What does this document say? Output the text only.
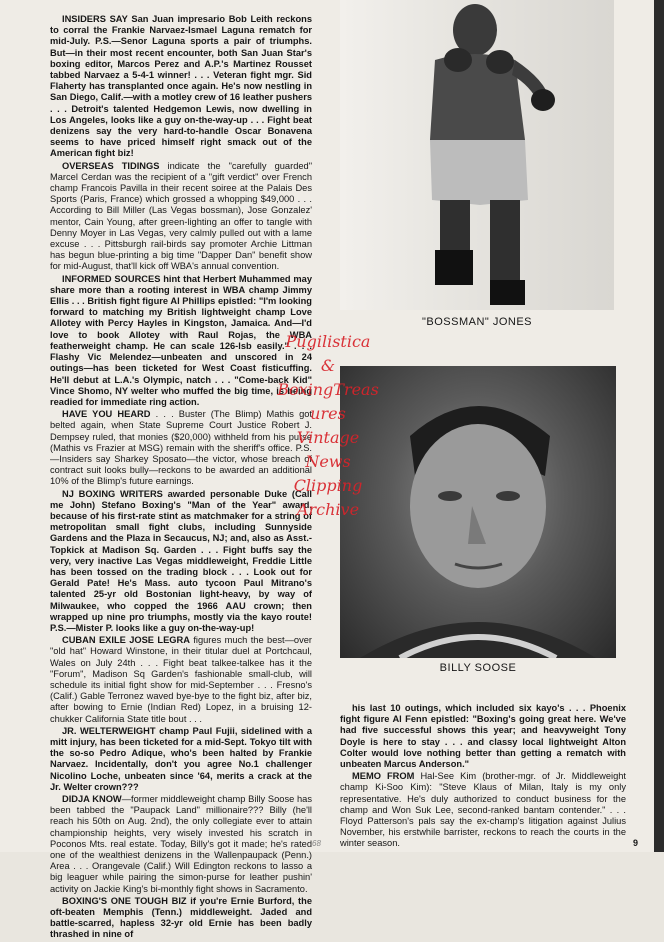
INSIDERS SAY San Juan impresario Bob Leith reckons to corral the Frankie Narvaez-Ismael Laguna rematch for mid-July. P.S.—Senor Laguna sports a pair of triumphs. But—in their most recent encounter, both San Juan Star's boxing editor, Marcos Perez and A.P.'s Martinez Rousset tabbed Narvaez a 5-4-1 winner! . . . Veteran fight mgr. Sid Flaherty has transplanted once again. He's now nestling in San Diego, Calif.—with a motley crew of 16 leather pushers . . . Detroit's talented Hedgemon Lewis, now dwelling in Los Angeles, looks like a guy on-the-way-up . . . Fight beat denizens say the very hard-to-handle Oscar Bonavena seems to have priced himself right smack out of the American fight biz!

OVERSEAS TIDINGS indicate the "carefully guarded" Marcel Cerdan was the recipient of a "gift verdict" over French champ Francois Pavilla in their recent soiree at the Palais Des Sports (Paris, France) which grossed a whopping $49,000 . . . According to Bill Miller (Las Vegas bossman), Jose Gonzalez' mentor, Cain Young, after green-lighting an offer to tangle with Denny Moyer in Las Vegas, very calmly pulled out with a lame excuse . . . Pittsburgh rail-birds say promoter Archie Littman has begun blue-printing a big time "Dapper Dan" benefit show for mid-August, that'll kick off WBA's annual convention.

INFORMED SOURCES hint that Herbert Muhammed may share more than a rooting interest in WBA champ Jimmy Ellis . . . British fight figure Al Phillips epistled: "I'm looking forward to matching my British lightweight champ Love Allotey with Percy Hayles in Kingston, Jamaica. And—I'd love to book Allotey with Raul Rojas, the WBA featherweight champ. He can scale 126-lsb easily." . . . Flashy Vic Melendez—unbeaten and unscored in 24 outings—has been ticketed for West Coast fisticuffing. He'll debut at L.A.'s Olympic, natch . . . "Come-back Kid" Vince Shomo, NY welter who muffed the big time, is being readied for immediate ring action.

HAVE YOU HEARD . . . Buster (The Blimp) Mathis got belted again, when State Supreme Court Justice Robert J. Dempsey ruled, that monies ($20,000) withheld from his purse (Mathis vs Frazier at MSG) remain with the sheriff's office. P.S.—Insiders say Sharkey Sposato—the victor, whose breach of contract suit looks bully—reckons to be awarded an additional 10% of the Blimp's future earnings.

NJ BOXING WRITERS awarded personable Duke (Call me John) Stefano Boxing's "Man of the Year" award, because of his first-rate stint as matchmaker for a string of metropolitan small fight clubs, including Sunnyside Gardens and the Plaza in Secaucus, NJ; and, also as Asst.-Topkick at Madison Sq. Garden . . . Fight buffs say the very, very inactive Las Vegas middleweight, Freddie Little has been tossed on the trading block . . . Look out for Gerald Pate! He's Mass. auto tycoon Paul Mitrano's talented 25-yr old Bostonian light-heavy, by way of Milwaukee, who copped the 1966 AAU crown; then wrapped up nine pro triumphs, mostly via the kayo route! P.S.—Mister P. looks like a guy on-the-way-up!

CUBAN EXILE JOSE LEGRA figures much the best—over "old hat" Howard Winstone, in their titular duel at Portchcaul, Wales on July 24th . . . Fight beat talkee-talkee has it the "Forum", Madison Sq Garden's fashionable small-club, will schedule its initial fight show for mid-September . . . Fresno's (Calif.) Gable Terronez waved bye-bye to the fight biz, after biz, after bowing to Ernie (Indian Red) Lopez, in a bruising 12-chukker California State title bout . . .

JR. WELTERWEIGHT champ Paul Fujii, sidelined with a mitt injury, has been ticketed for a mid-Sept. Tokyo tilt with the so-so Pedro Adique, who's been halted by Frankie Narvaez. Incidentally, don't you agree No.1 challenger Nicolino Loche, unbeaten since '64, merits a crack at the Jr. Welter crown???

DIDJA KNOW—former middleweight champ Billy Soose has been tabbed the "Paupack Land" millionaire??? Billy (he'll reach his 50th on Aug. 2nd), the only collegiate ever to attain championship heights, very wisely invested his scratch in Poconos Mts. real estate. Today, Billy's got it made; he's rated one of the wealthiest denizens in the Wallenpaupack (Penn.) Area . . . Orangevale (Calif.) Will Edington reckons to lasso a big leaguer while pairing the simon-purse for leather pushin' activity on Jackie King's bi-monthly fight shows in Sacramento.

BOXING'S ONE TOUGH BIZ if you're Ernie Burford, the oft-beaten Memphis (Tenn.) middleweight. Jaded and battle-scarred, hapless 32-yr old Ernie has been badly thrashed in nine of

"BOSSMAN" JONES
BILLY SOOSE

his last 10 outings, which included six kayo's . . . Phoenix fight figure Al Fenn epistled: "Boxing's going great here. We've had five successful shows this year; and heavyweight Tony Doyle is here to stay . . . and classy local lightweight Alton Colter would love nothing better than getting a rematch with unbeaten Marcus Anderson."

MEMO FROM Hal-See Kim (brother-mgr. of Jr. Middleweight champ Ki-Soo Kim): "Steve Klaus of Milan, Italy is my only representative. He's duly authorized to conduct business for the champ and Won Suk Lee, second-ranked bantam contender." . . . Floyd Patterson's pals say the ex-champ's litigation against Julius November, his erstwhile barrister, reckons to reach the courts in the winter season.

Pugilistica
&
BoxingTreas
ures
Vintage
News
Clipping
Archive
68	9
